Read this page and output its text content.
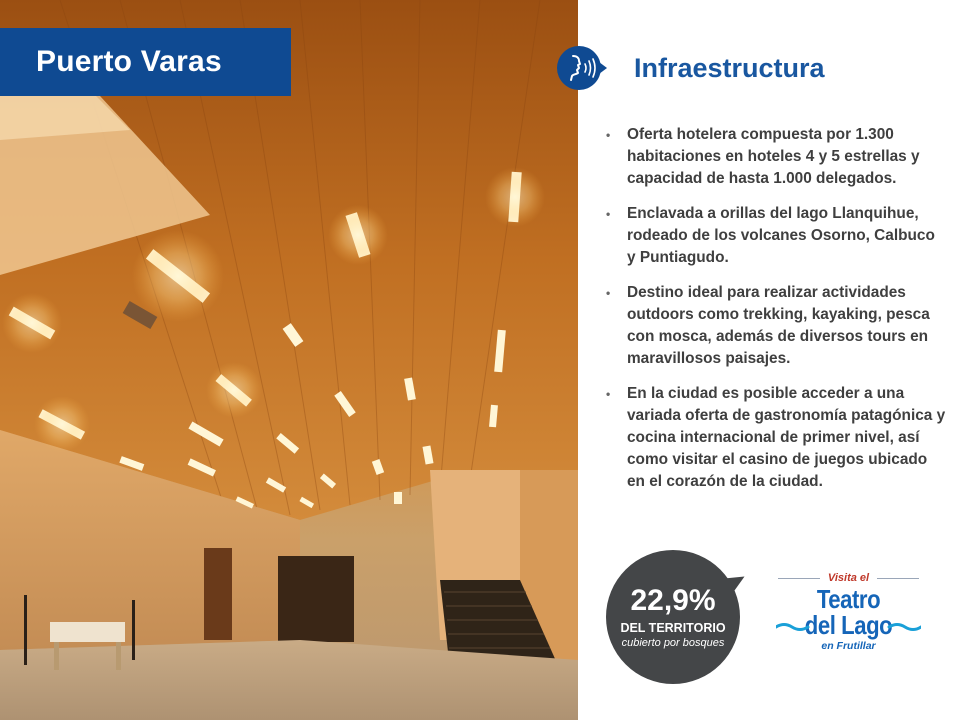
Puerto Varas	Infraestructura
• Oferta hotelera compuesta por 1.300 habitaciones en hoteles 4 y 5 estrellas y capacidad de hasta 1.000 delegados.
• Enclavada a orillas del lago Llanquihue, rodeado de los volcanes Osorno, Calbuco y Puntiagudo.
• Destino ideal para realizar actividades outdoors como trekking, kayaking, pesca con mosca, además de diversos tours en maravillosos paisajes.
• En la ciudad es posible acceder a una variada oferta de gastronomía patagónica y cocina internacional de primer nivel, así como visitar el casino de juegos ubicado en el corazón de la ciudad.
22,9%
DEL TERRITORIO
cubierto por bosques
Visita el
Teatro
del Lago
en Frutillar
